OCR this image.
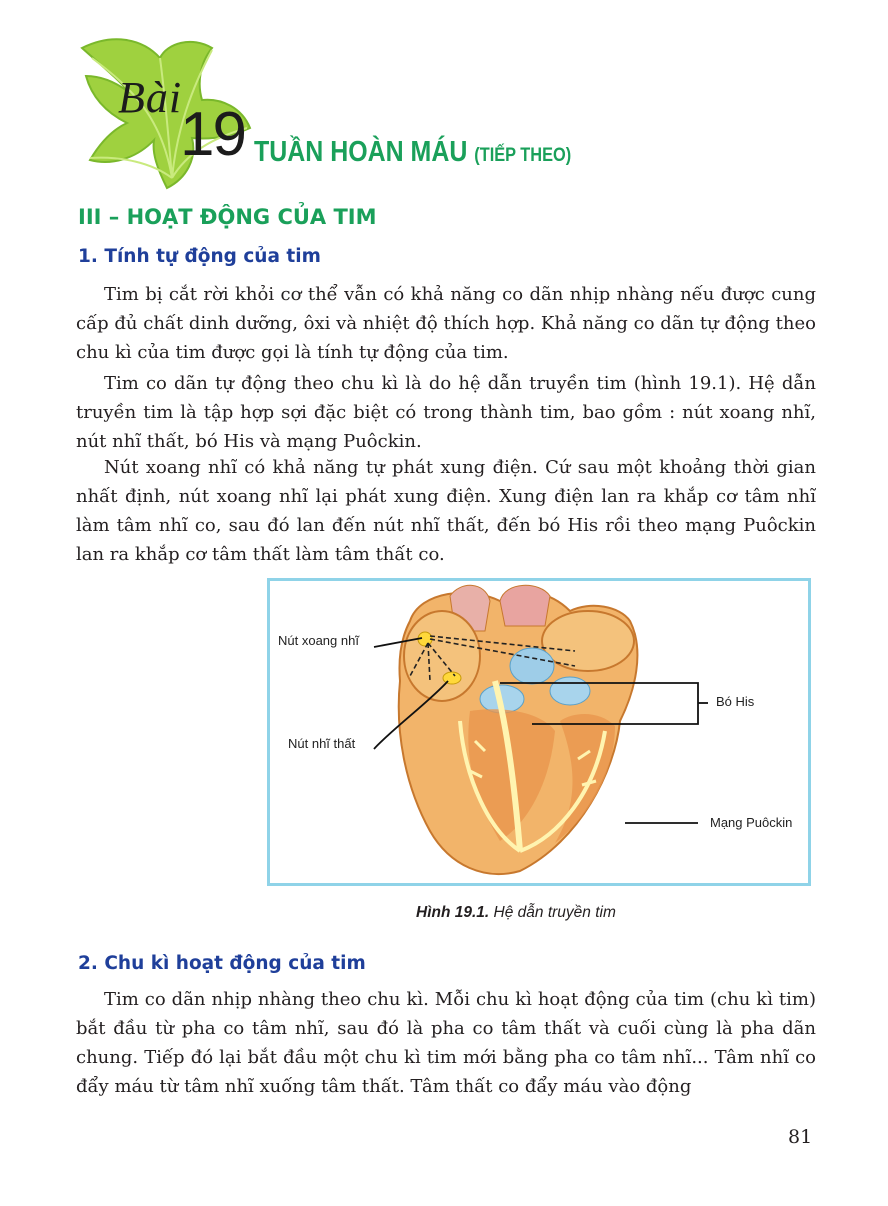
Bài
19 TUẦN HOÀN MÁU (TIẾP THEO)
III – HOẠT ĐỘNG CỦA TIM
1. Tính tự động của tim

Tim bị cắt rời khỏi cơ thể vẫn có khả năng co dãn nhịp nhàng nếu được cung cấp đủ chất dinh dưỡng, ôxi và nhiệt độ thích hợp. Khả năng co dãn tự động theo chu kì của tim được gọi là tính tự động của tim.

Tim co dãn tự động theo chu kì là do hệ dẫn truyền tim (hình 19.1). Hệ dẫn truyền tim là tập hợp sợi đặc biệt có trong thành tim, bao gồm : nút xoang nhĩ, nút nhĩ thất, bó His và mạng Puôckin.

Nút xoang nhĩ có khả năng tự phát xung điện. Cứ sau một khoảng thời gian nhất định, nút xoang nhĩ lại phát xung điện. Xung điện lan ra khắp cơ tâm nhĩ làm tâm nhĩ co, sau đó lan đến nút nhĩ thất, đến bó His rồi theo mạng Puôckin lan ra khắp cơ tâm thất làm tâm thất co.

Nút xoang nhĩ
Nút nhĩ thất
Bó His
Mạng Puôckin
Hình 19.1. Hệ dẫn truyền tim
2. Chu kì hoạt động của tim

Tim co dãn nhịp nhàng theo chu kì. Mỗi chu kì hoạt động của tim (chu kì tim) bắt đầu từ pha co tâm nhĩ, sau đó là pha co tâm thất và cuối cùng là pha dãn chung. Tiếp đó lại bắt đầu một chu kì tim mới bằng pha co tâm nhĩ... Tâm nhĩ co đẩy máu từ tâm nhĩ xuống tâm thất. Tâm thất co đẩy máu vào động

81
